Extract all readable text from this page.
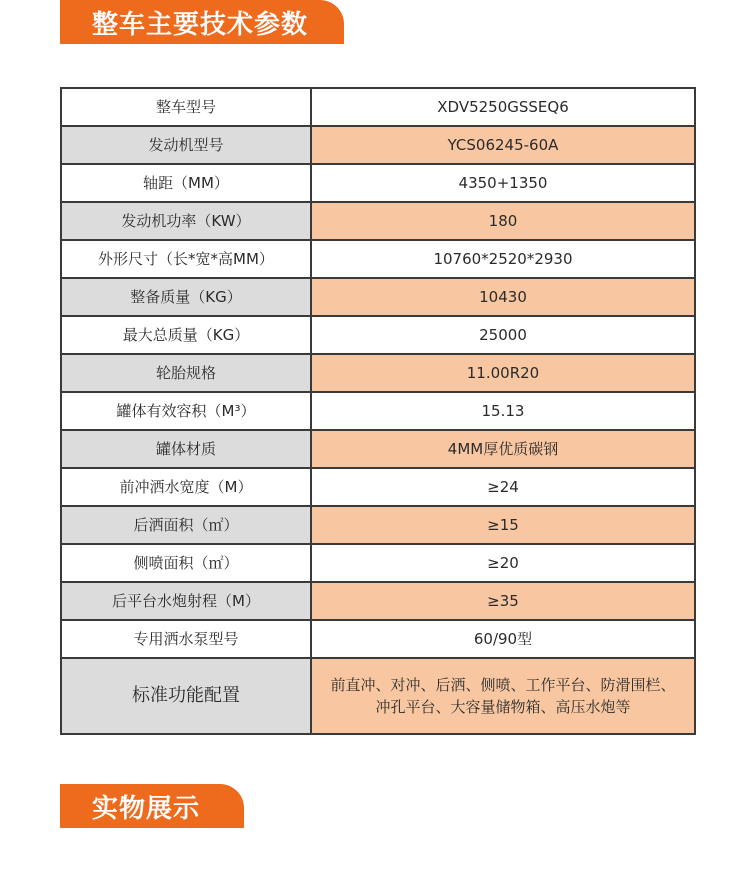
整车主要技术参数
整车型号	XDV5250GSSEQ6
发动机型号	YCS06245-60A
轴距（MM）	4350+1350
发动机功率（KW）	180
外形尺寸（长*宽*高MM）	10760*2520*2930
整备质量（KG）	10430
最大总质量（KG）	25000
轮胎规格	11.00R20
罐体有效容积（M³）	15.13
罐体材质	4MM厚优质碳钢
前冲洒水宽度（M）	≥24
后洒面积（㎡）	≥15
侧喷面积（㎡）	≥20
后平台水炮射程（M）	≥35
专用洒水泵型号	60/90型
标准功能配置	前直冲、对冲、后洒、侧喷、工作平台、防滑围栏、
冲孔平台、大容量储物箱、高压水炮等
实物展示
